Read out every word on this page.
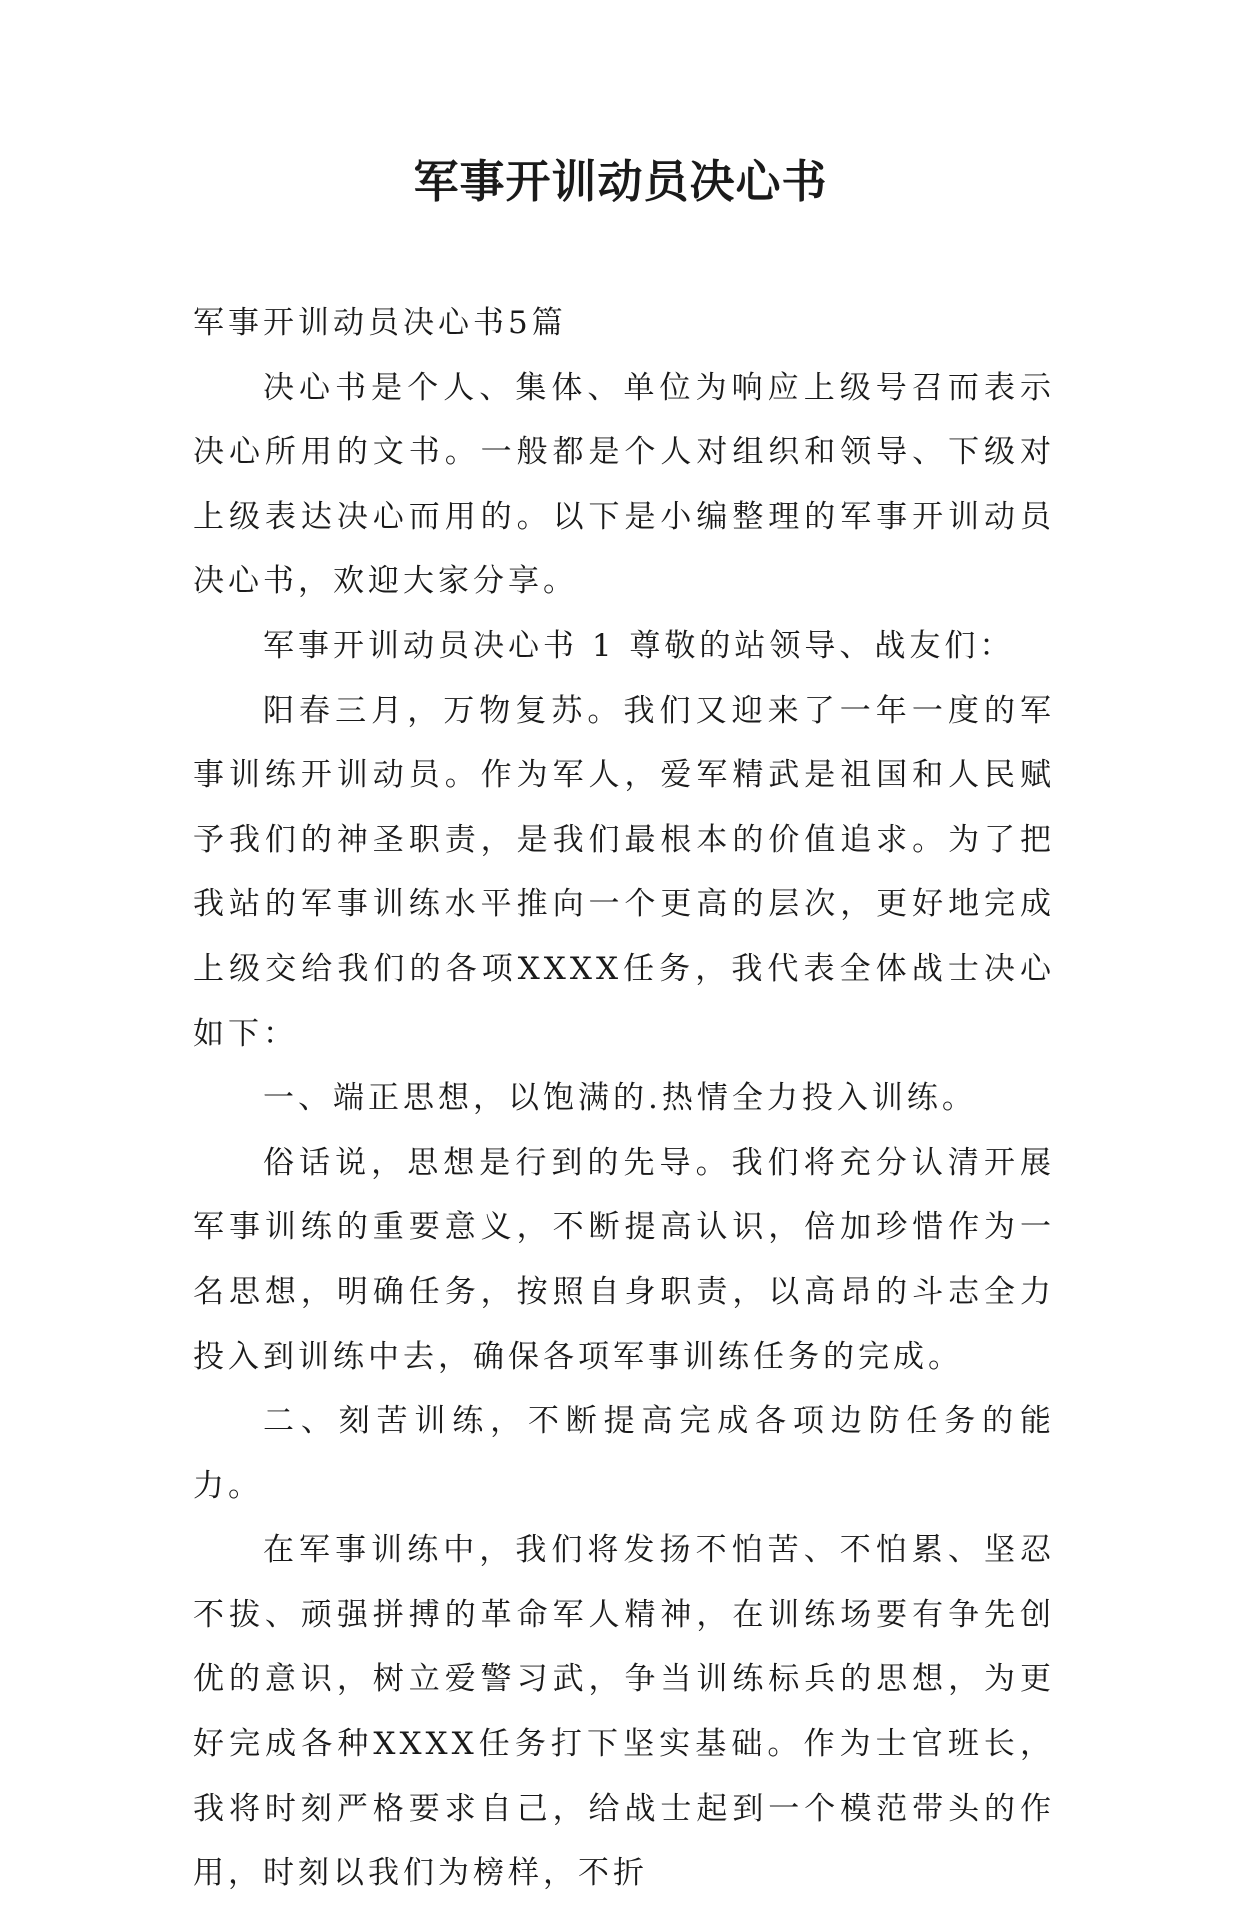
军事开训动员决心书

军事开训动员决心书5篇

决心书是个人、集体、单位为响应上级号召而表示决心所用的文书。一般都是个人对组织和领导、下级对上级表达决心而用的。以下是小编整理的军事开训动员决心书，欢迎大家分享。

军事开训动员决心书 1 尊敬的站领导、战友们：

阳春三月，万物复苏。我们又迎来了一年一度的军事训练开训动员。作为军人，爱军精武是祖国和人民赋予我们的神圣职责，是我们最根本的价值追求。为了把我站的军事训练水平推向一个更高的层次，更好地完成上级交给我们的各项XXXX任务，我代表全体战士决心如下：

一、端正思想，以饱满的.热情全力投入训练。

俗话说，思想是行到的先导。我们将充分认清开展军事训练的重要意义，不断提高认识，倍加珍惜作为一名思想，明确任务，按照自身职责，以高昂的斗志全力投入到训练中去，确保各项军事训练任务的完成。

二、刻苦训练，不断提高完成各项边防任务的能力。

在军事训练中，我们将发扬不怕苦、不怕累、坚忍不拔、顽强拼搏的革命军人精神，在训练场要有争先创优的意识，树立爱警习武，争当训练标兵的思想，为更好完成各种XXXX任务打下坚实基础。作为士官班长，我将时刻严格要求自己，给战士起到一个模范带头的作用，时刻以我们为榜样，不折
